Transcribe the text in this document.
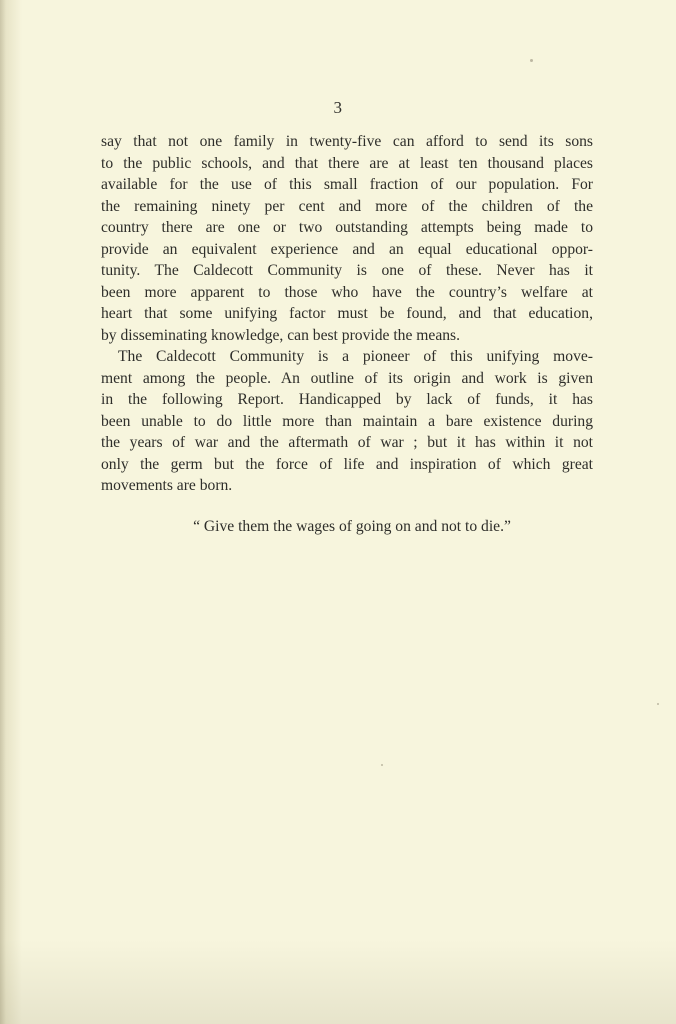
3
say that not one family in twenty-five can afford to send its sons
to the public schools, and that there are at least ten thousand places
available for the use of this small fraction of our population. For
the remaining ninety per cent and more of the children of the
country there are one or two outstanding attempts being made to
provide an equivalent experience and an equal educational oppor-
tunity. The Caldecott Community is one of these. Never has it
been more apparent to those who have the country’s welfare at
heart that some unifying factor must be found, and that education,
by disseminating knowledge, can best provide the means.
The Caldecott Community is a pioneer of this unifying move-
ment among the people. An outline of its origin and work is given
in the following Report. Handicapped by lack of funds, it has
been unable to do little more than maintain a bare existence during
the years of war and the aftermath of war ; but it has within it not
only the germ but the force of life and inspiration of which great
movements are born.
“ Give them the wages of going on and not to die.”
